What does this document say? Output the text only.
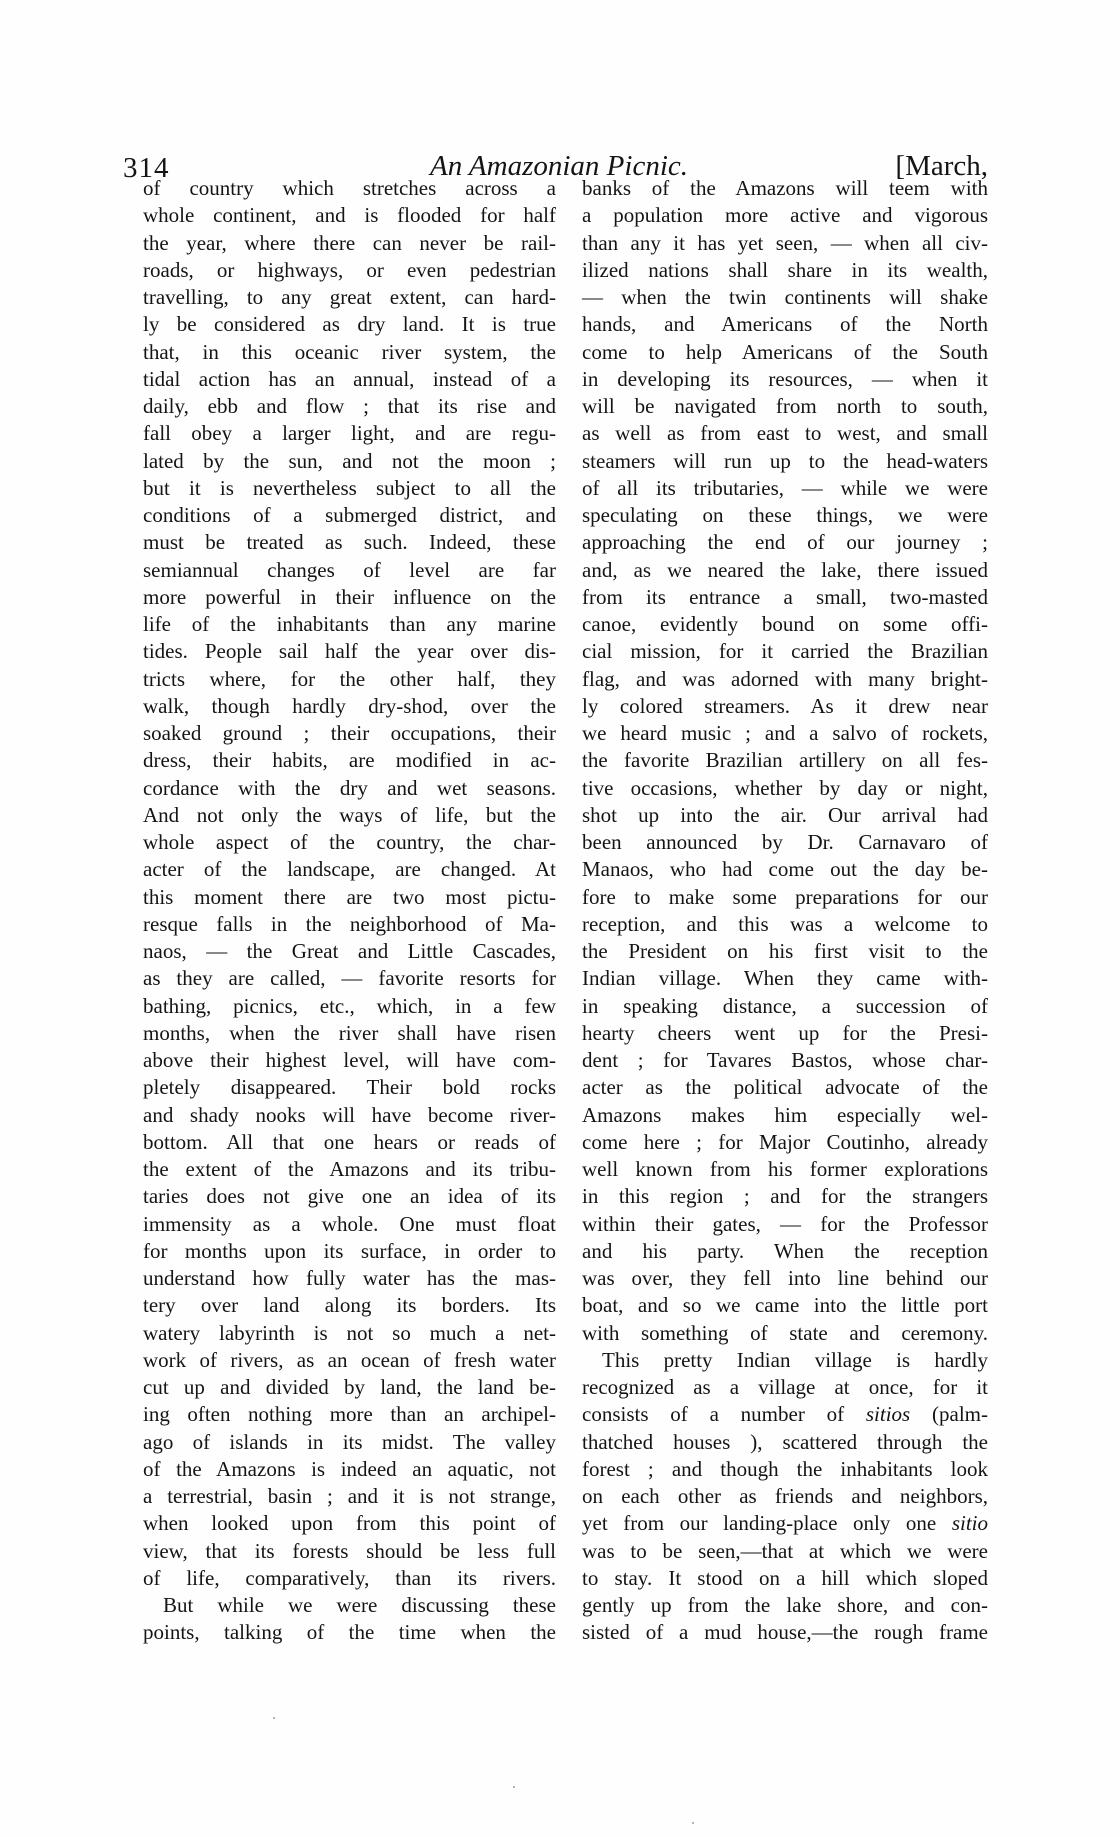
314	An Amazonian Picnic.	[March,
of country which stretches across a
whole continent, and is flooded for half
the year, where there can never be rail-
roads, or highways, or even pedestrian
travelling, to any great extent, can hard-
ly be considered as dry land. It is true
that, in this oceanic river system, the
tidal action has an annual, instead of a
daily, ebb and flow ; that its rise and
fall obey a larger light, and are regu-
lated by the sun, and not the moon ;
but it is nevertheless subject to all the
conditions of a submerged district, and
must be treated as such. Indeed, these
semiannual changes of level are far
more powerful in their influence on the
life of the inhabitants than any marine
tides. People sail half the year over dis-
tricts where, for the other half, they
walk, though hardly dry-shod, over the
soaked ground ; their occupations, their
dress, their habits, are modified in ac-
cordance with the dry and wet seasons.
And not only the ways of life, but the
whole aspect of the country, the char-
acter of the landscape, are changed. At
this moment there are two most pictu-
resque falls in the neighborhood of Ma-
naos, — the Great and Little Cascades,
as they are called, — favorite resorts for
bathing, picnics, etc., which, in a few
months, when the river shall have risen
above their highest level, will have com-
pletely disappeared. Their bold rocks
and shady nooks will have become river-
bottom. All that one hears or reads of
the extent of the Amazons and its tribu-
taries does not give one an idea of its
immensity as a whole. One must float
for months upon its surface, in order to
understand how fully water has the mas-
tery over land along its borders. Its
watery labyrinth is not so much a net-
work of rivers, as an ocean of fresh water
cut up and divided by land, the land be-
ing often nothing more than an archipel-
ago of islands in its midst. The valley
of the Amazons is indeed an aquatic, not
a terrestrial, basin ; and it is not strange,
when looked upon from this point of
view, that its forests should be less full
of life, comparatively, than its rivers.
But while we were discussing these
points, talking of the time when the
banks of the Amazons will teem with
a population more active and vigorous
than any it has yet seen, — when all civ-
ilized nations shall share in its wealth,
— when the twin continents will shake
hands, and Americans of the North
come to help Americans of the South
in developing its resources, — when it
will be navigated from north to south,
as well as from east to west, and small
steamers will run up to the head-waters
of all its tributaries, — while we were
speculating on these things, we were
approaching the end of our journey ;
and, as we neared the lake, there issued
from its entrance a small, two-masted
canoe, evidently bound on some offi-
cial mission, for it carried the Brazilian
flag, and was adorned with many bright-
ly colored streamers. As it drew near
we heard music ; and a salvo of rockets,
the favorite Brazilian artillery on all fes-
tive occasions, whether by day or night,
shot up into the air. Our arrival had
been announced by Dr. Carnavaro of
Manaos, who had come out the day be-
fore to make some preparations for our
reception, and this was a welcome to
the President on his first visit to the
Indian village. When they came with-
in speaking distance, a succession of
hearty cheers went up for the Presi-
dent ; for Tavares Bastos, whose char-
acter as the political advocate of the
Amazons makes him especially wel-
come here ; for Major Coutinho, already
well known from his former explorations
in this region ; and for the strangers
within their gates, — for the Professor
and his party. When the reception
was over, they fell into line behind our
boat, and so we came into the little port
with something of state and ceremony.
This pretty Indian village is hardly
recognized as a village at once, for it
consists of a number of sitios (palm-
thatched houses ), scattered through the
forest ; and though the inhabitants look
on each other as friends and neighbors,
yet from our landing-place only one sitio
was to be seen,—that at which we were
to stay. It stood on a hill which sloped
gently up from the lake shore, and con-
sisted of a mud house,—the rough frame
